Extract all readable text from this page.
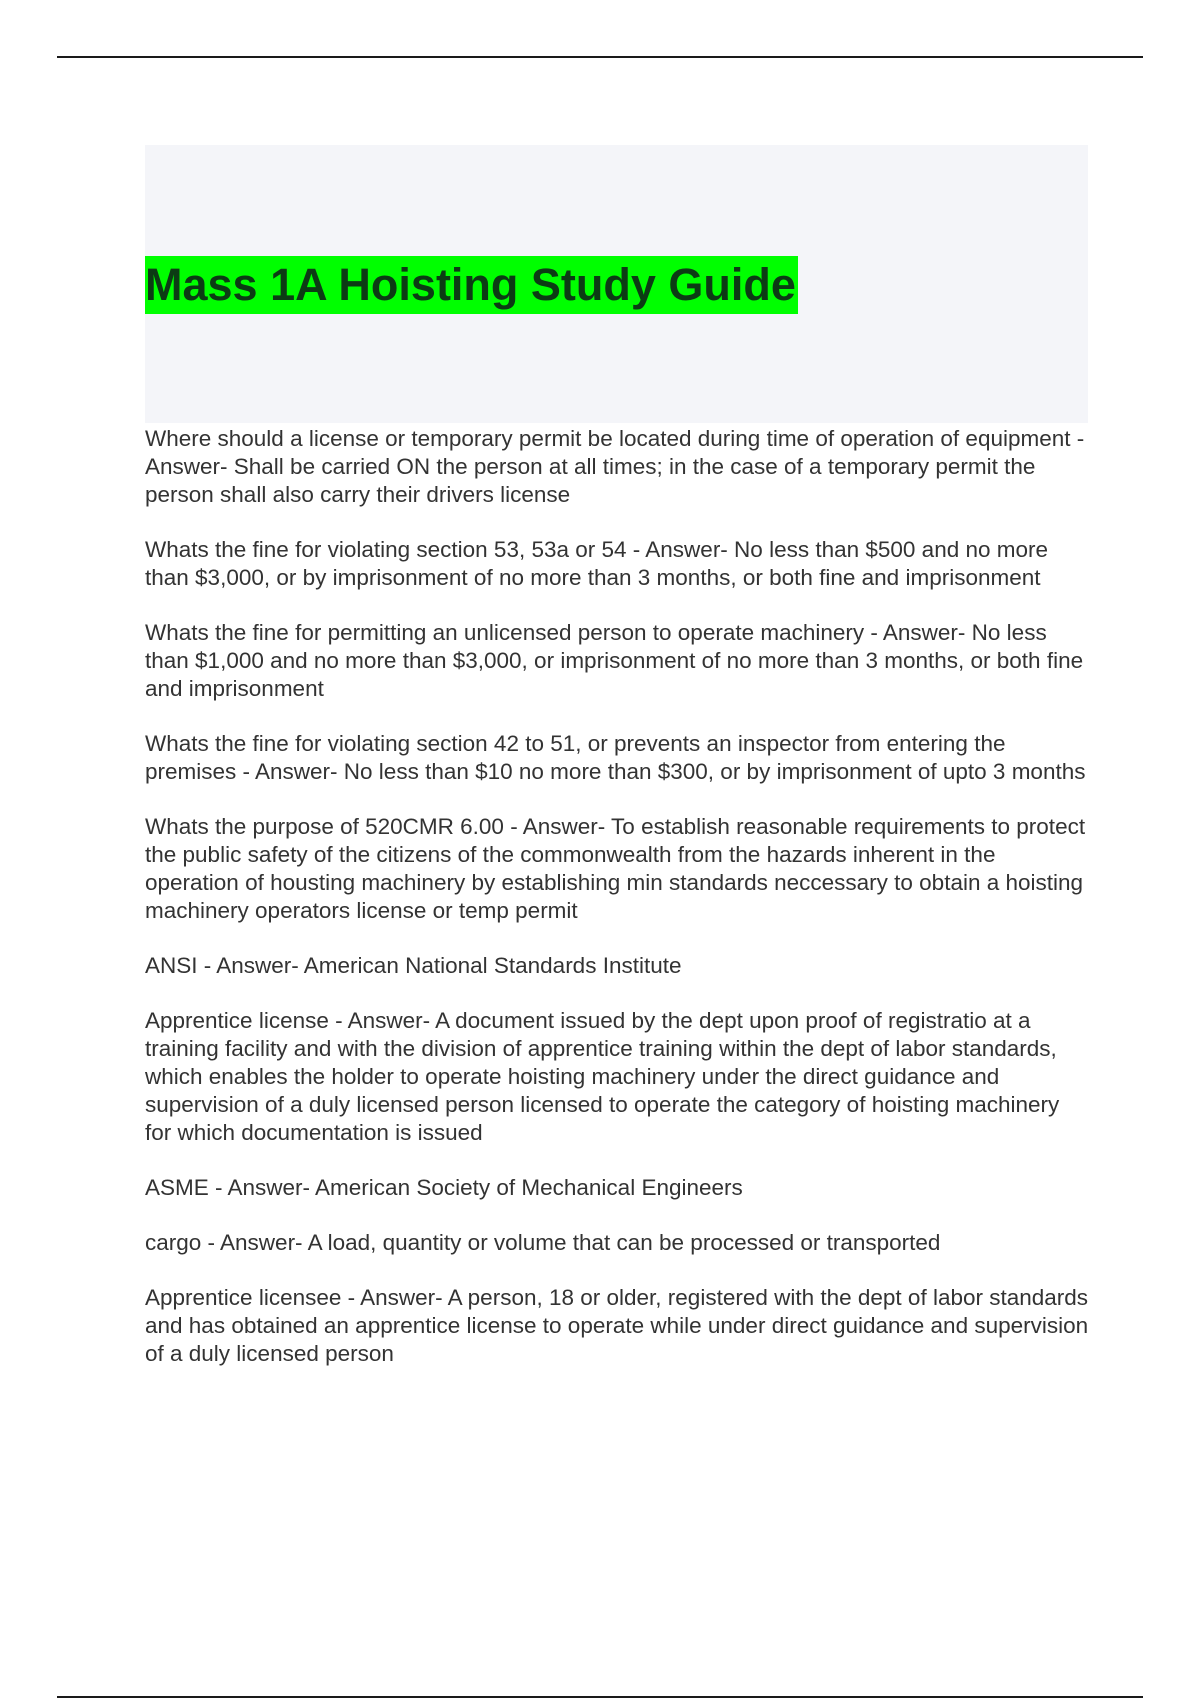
Mass 1A Hoisting Study Guide

Where should a license or temporary permit be located during time of operation of equipment - Answer- Shall be carried ON the person at all times; in the case of a temporary permit the person shall also carry their drivers license

Whats the fine for violating section 53, 53a or 54 - Answer- No less than $500 and no more than $3,000, or by imprisonment of no more than 3 months, or both fine and imprisonment

Whats the fine for permitting an unlicensed person to operate machinery - Answer- No less than $1,000 and no more than $3,000, or imprisonment of no more than 3 months, or both fine and imprisonment

Whats the fine for violating section 42 to 51, or prevents an inspector from entering the premises - Answer- No less than $10 no more than $300, or by imprisonment of upto 3 months

Whats the purpose of 520CMR 6.00 - Answer- To establish reasonable requirements to protect the public safety of the citizens of the commonwealth from the hazards inherent in the operation of housting machinery by establishing min standards neccessary to obtain a hoisting machinery operators license or temp permit

ANSI - Answer- American National Standards Institute

Apprentice license - Answer- A document issued by the dept upon proof of registratio at a training facility and with the division of apprentice training within the dept of labor standards, which enables the holder to operate hoisting machinery under the direct guidance and supervision of a duly licensed person licensed to operate the category of hoisting machinery for which documentation is issued

ASME - Answer- American Society of Mechanical Engineers

cargo - Answer- A load, quantity or volume that can be processed or transported

Apprentice licensee - Answer- A person, 18 or older, registered with the dept of labor standards and has obtained an apprentice license to operate while under direct guidance and supervision of a duly licensed person
